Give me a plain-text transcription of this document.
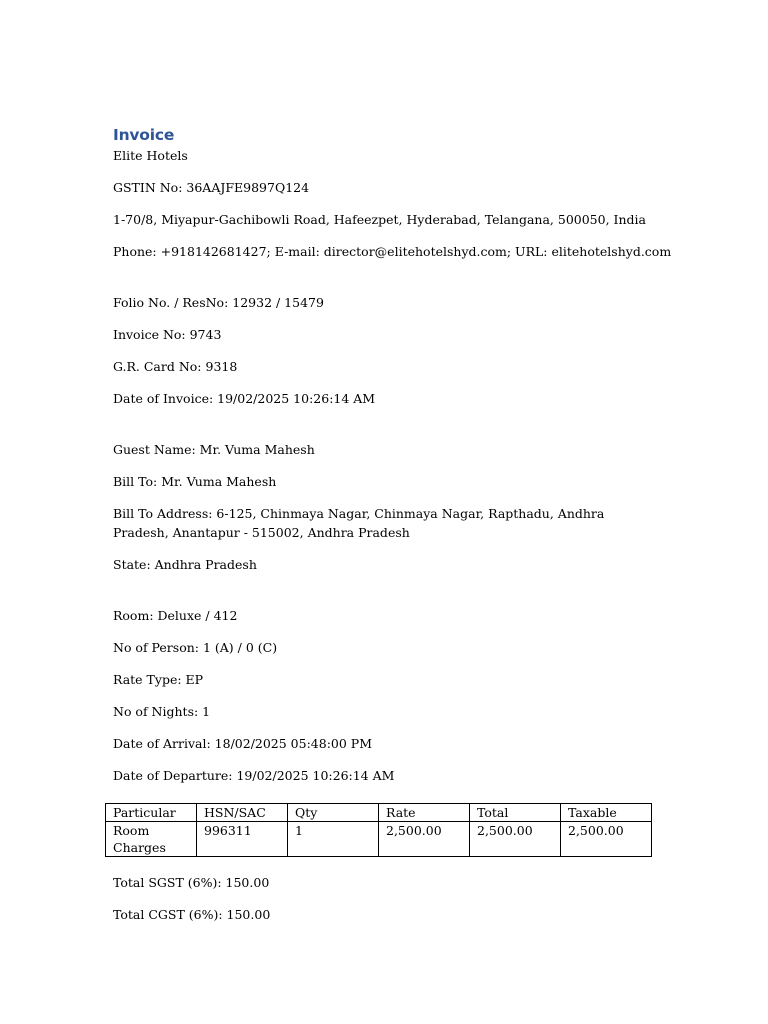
Invoice

Elite Hotels

GSTIN No: 36AAJFE9897Q124

1-70/8, Miyapur-Gachibowli Road, Hafeezpet, Hyderabad, Telangana, 500050, India

Phone: +918142681427; E-mail: director@elitehotelshyd.com; URL: elitehotelshyd.com

Folio No. / ResNo: 12932 / 15479

Invoice No: 9743

G.R. Card No: 9318

Date of Invoice: 19/02/2025 10:26:14 AM

Guest Name: Mr. Vuma Mahesh

Bill To: Mr. Vuma Mahesh

Bill To Address: 6-125, Chinmaya Nagar, Chinmaya Nagar, Rapthadu, Andhra Pradesh, Anantapur - 515002, Andhra Pradesh

State: Andhra Pradesh

Room: Deluxe / 412

No of Person: 1 (A) / 0 (C)

Rate Type: EP

No of Nights: 1

Date of Arrival: 18/02/2025 05:48:00 PM

Date of Departure: 19/02/2025 10:26:14 AM

Particular	HSN/SAC	Qty	Rate	Total	Taxable
Room Charges	996311	1	2,500.00	2,500.00	2,500.00

Total SGST (6%): 150.00

Total CGST (6%): 150.00
